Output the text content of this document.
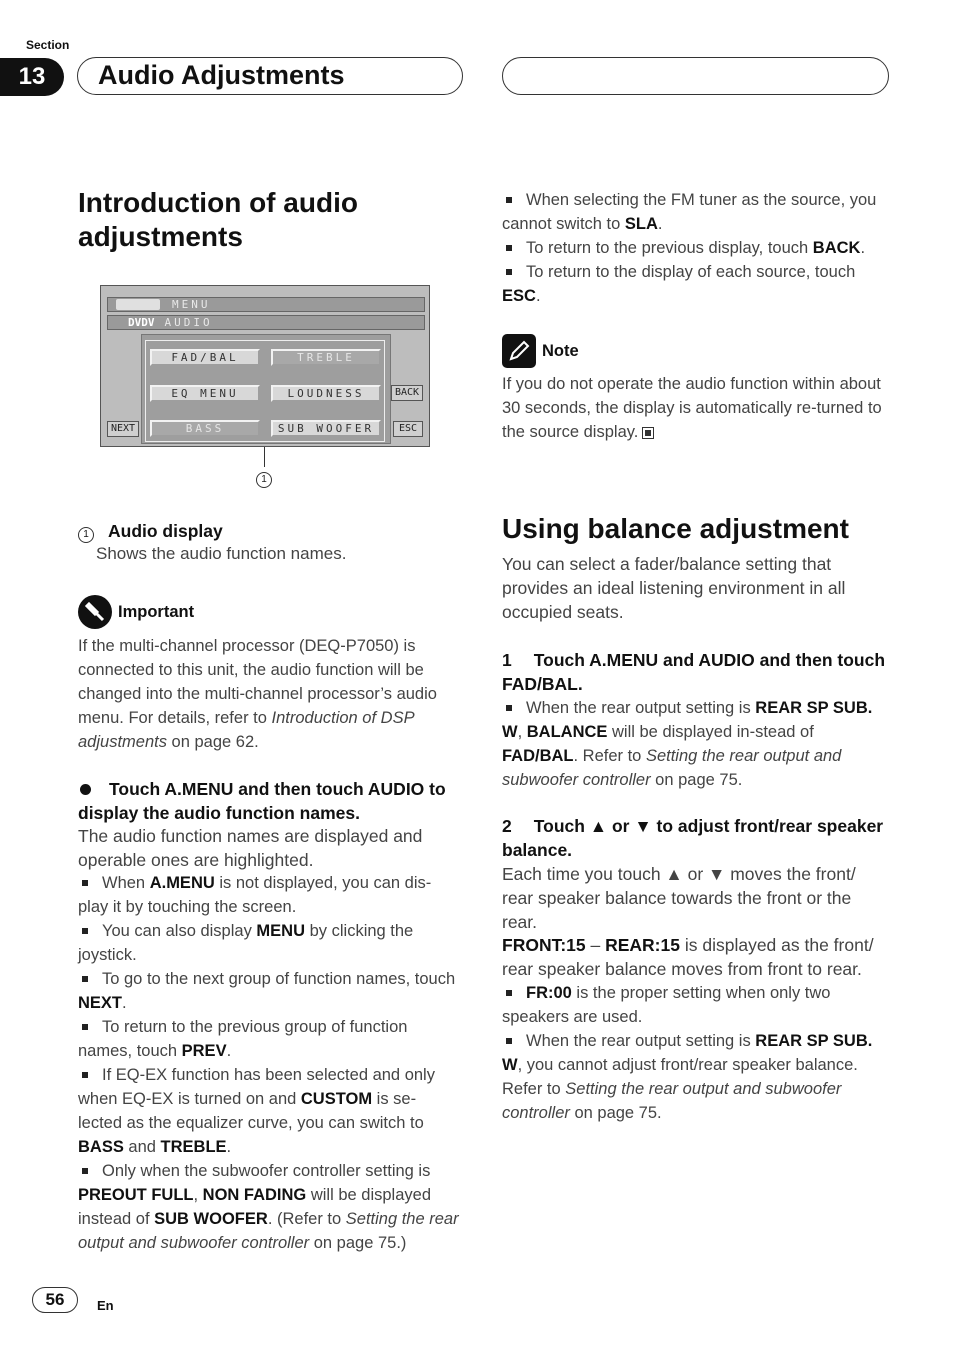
Section
13	Audio Adjustments
Introduction of audio adjustments
MENU
DVDV AUDIO
FAD/BAL	TREBLE
EQ MENU	LOUDNESS
BASS	SUB WOOFER
BACK
NEXT	ESC
1
1 Audio display
Shows the audio function names.
Important
If the multi-channel processor (DEQ-P7050) is connected to this unit, the audio function will be changed into the multi-channel processor’s audio menu. For details, refer to Introduction of DSP adjustments on page 62.
Touch A.MENU and then touch AUDIO to display the audio function names.
The audio function names are displayed and operable ones are highlighted.
When A.MENU is not displayed, you can dis-play it by touching the screen.
You can also display MENU by clicking the joystick.
To go to the next group of function names, touch NEXT.
To return to the previous group of function names, touch PREV.
If EQ-EX function has been selected and only when EQ-EX is turned on and CUSTOM is se-lected as the equalizer curve, you can switch to BASS and TREBLE.
Only when the subwoofer controller setting is PREOUT FULL, NON FADING will be displayed instead of SUB WOOFER. (Refer to Setting the rear output and subwoofer controller on page 75.)
When selecting the FM tuner as the source, you cannot switch to SLA.
To return to the previous display, touch BACK.
To return to the display of each source, touch ESC.
Note
If you do not operate the audio function within about 30 seconds, the display is automatically re-turned to the source display.
Using balance adjustment
You can select a fader/balance setting that provides an ideal listening environment in all occupied seats.
1 Touch A.MENU and AUDIO and then touch FAD/BAL.
When the rear output setting is REAR SP SUB. W, BALANCE will be displayed in-stead of FAD/BAL. Refer to Setting the rear output and subwoofer controller on page 75.
2 Touch ▲ or ▼ to adjust front/rear speaker balance.
Each time you touch ▲ or ▼ moves the front/ rear speaker balance towards the front or the rear.
FRONT:15 – REAR:15 is displayed as the front/ rear speaker balance moves from front to rear.
FR:00 is the proper setting when only two speakers are used.
When the rear output setting is REAR SP SUB. W, you cannot adjust front/rear speaker balance. Refer to Setting the rear output and subwoofer controller on page 75.
56	En
